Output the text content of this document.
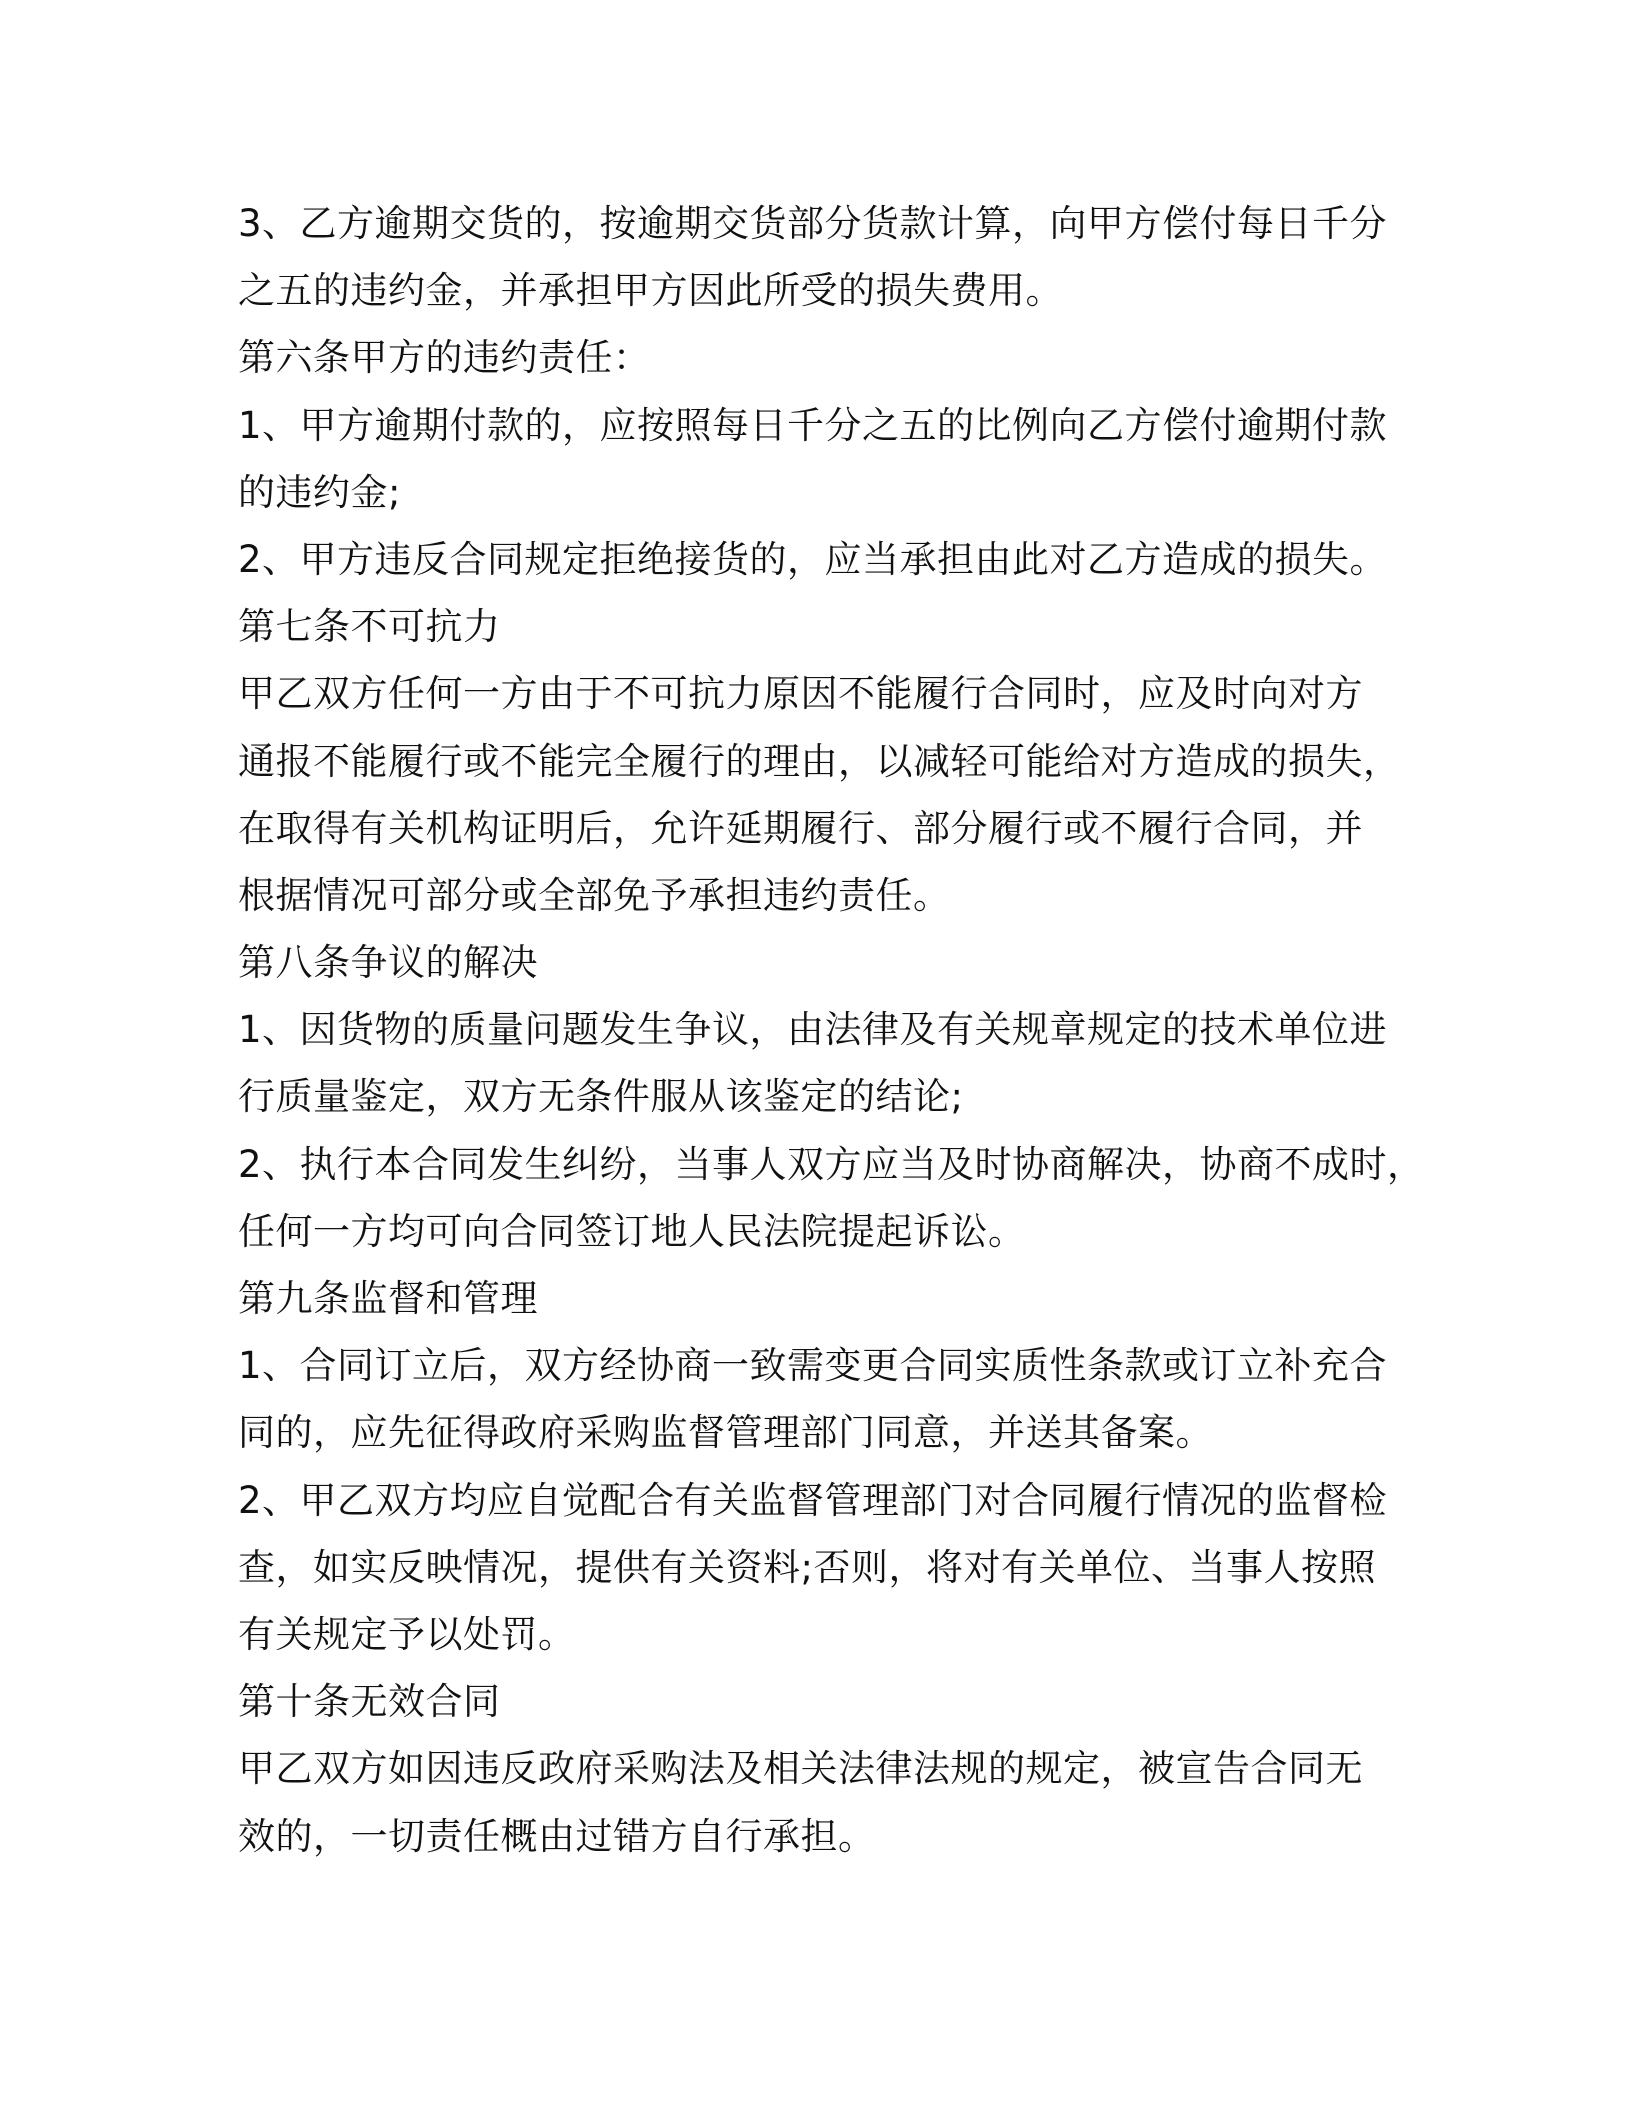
3、乙方逾期交货的，按逾期交货部分货款计算，向甲方偿付每日千分
之五的违约金，并承担甲方因此所受的损失费用。
第六条甲方的违约责任：
1、甲方逾期付款的，应按照每日千分之五的比例向乙方偿付逾期付款
的违约金;
2、甲方违反合同规定拒绝接货的，应当承担由此对乙方造成的损失。
第七条不可抗力
甲乙双方任何一方由于不可抗力原因不能履行合同时，应及时向对方
通报不能履行或不能完全履行的理由，以减轻可能给对方造成的损失，
在取得有关机构证明后，允许延期履行、部分履行或不履行合同，并
根据情况可部分或全部免予承担违约责任。
第八条争议的解决
1、因货物的质量问题发生争议，由法律及有关规章规定的技术单位进
行质量鉴定，双方无条件服从该鉴定的结论;
2、执行本合同发生纠纷，当事人双方应当及时协商解决，协商不成时，
任何一方均可向合同签订地人民法院提起诉讼。
第九条监督和管理
1、合同订立后，双方经协商一致需变更合同实质性条款或订立补充合
同的，应先征得政府采购监督管理部门同意，并送其备案。
2、甲乙双方均应自觉配合有关监督管理部门对合同履行情况的监督检
查，如实反映情况，提供有关资料;否则，将对有关单位、当事人按照
有关规定予以处罚。
第十条无效合同
甲乙双方如因违反政府采购法及相关法律法规的规定，被宣告合同无
效的，一切责任概由过错方自行承担。
